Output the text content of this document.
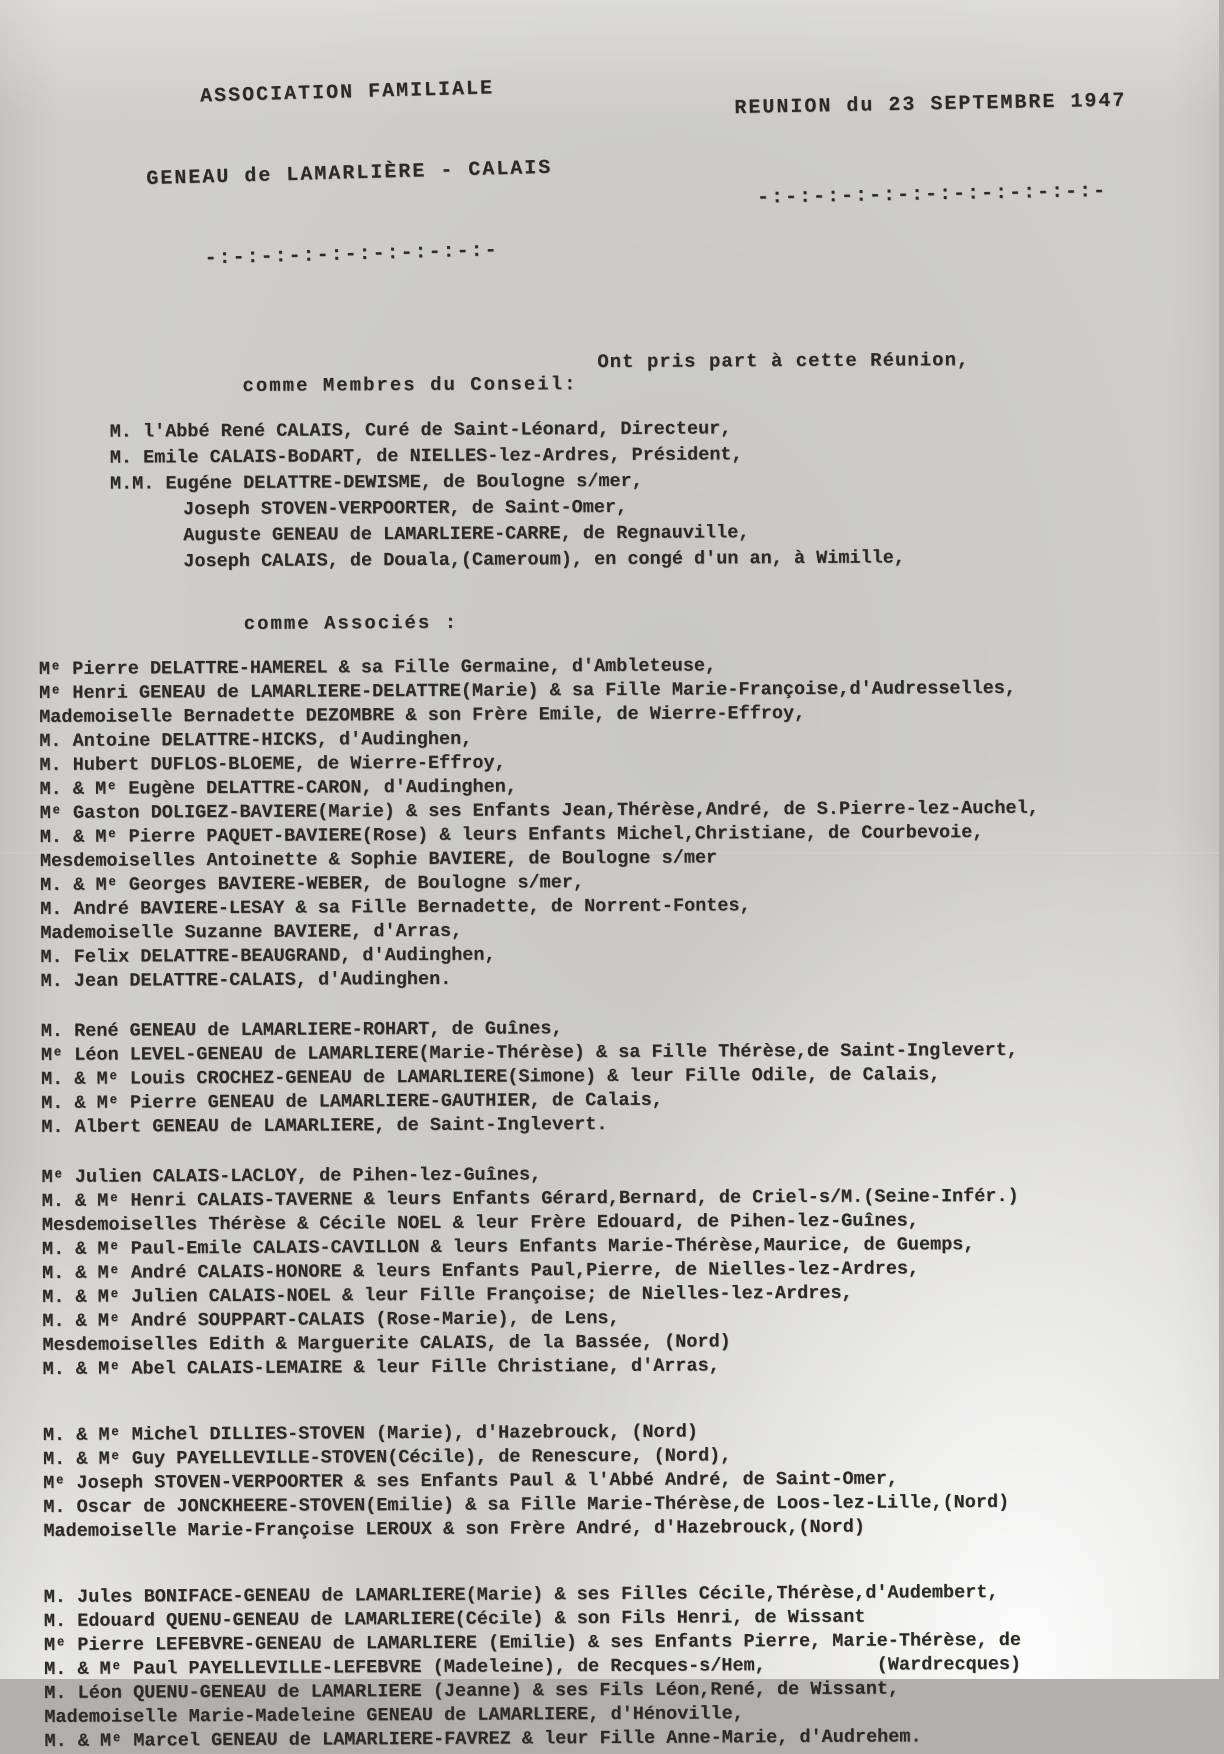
ASSOCIATION FAMILIALE

GENEAU de LAMARLIÈRE - CALAIS

-:-:-:-:-:-:-:-:-:-:-

REUNION du 23 SEPTEMBRE 1947

-:-:-:-:-:-:-:-:-:-:-:-:-

Ont pris part à cette Réunion,
comme Membres du Conseil:
M. l'Abbé René CALAIS, Curé de Saint-Léonard, Directeur,
M. Emile CALAIS-BoDART, de NIELLES-lez-Ardres, Président,
M.M. Eugéne DELATTRE-DEWISME, de Boulogne s/mer,
Joseph STOVEN-VERPOORTER, de Saint-Omer,
Auguste GENEAU de LAMARLIERE-CARRE, de Regnauville,
Joseph CALAIS, de Douala,(Cameroum), en congé d'un an, à Wimille,
comme Associés :
Mᵉ Pierre DELATTRE-HAMEREL & sa Fille Germaine, d'Ambleteuse,
Mᵉ Henri GENEAU de LAMARLIERE-DELATTRE(Marie) & sa Fille Marie-Françoise,d'Audresselles,
Mademoiselle Bernadette DEZOMBRE & son Frère Emile, de Wierre-Effroy,
M. Antoine DELATTRE-HICKS, d'Audinghen,
M. Hubert DUFLOS-BLOEME, de Wierre-Effroy,
M. & Mᵉ Eugène DELATTRE-CARON, d'Audinghen,
Mᵉ Gaston DOLIGEZ-BAVIERE(Marie) & ses Enfants Jean,Thérèse,André, de S.Pierre-lez-Auchel,
M. & Mᵉ Pierre PAQUET-BAVIERE(Rose) & leurs Enfants Michel,Christiane, de Courbevoie,
Mesdemoiselles Antoinette & Sophie BAVIERE, de Boulogne s/mer
M. & Mᵉ Georges BAVIERE-WEBER, de Boulogne s/mer,
M. André BAVIERE-LESAY & sa Fille Bernadette, de Norrent-Fontes,
Mademoiselle Suzanne BAVIERE, d'Arras,
M. Felix DELATTRE-BEAUGRAND, d'Audinghen,
M. Jean DELATTRE-CALAIS, d'Audinghen.
M. René GENEAU de LAMARLIERE-ROHART, de Guînes,
Mᵉ Léon LEVEL-GENEAU de LAMARLIERE(Marie-Thérèse) & sa Fille Thérèse,de Saint-Inglevert,
M. & Mᵉ Louis CROCHEZ-GENEAU de LAMARLIERE(Simone) & leur Fille Odile, de Calais,
M. & Mᵉ Pierre GENEAU de LAMARLIERE-GAUTHIER, de Calais,
M. Albert GENEAU de LAMARLIERE, de Saint-Inglevert.
Mᵉ Julien CALAIS-LACLOY, de Pihen-lez-Guînes,
M. & Mᵉ Henri CALAIS-TAVERNE & leurs Enfants Gérard,Bernard, de Criel-s/M.(Seine-Infér.)
Mesdemoiselles Thérèse & Cécile NOEL & leur Frère Edouard, de Pihen-lez-Guînes,
M. & Mᵉ Paul-Emile CALAIS-CAVILLON & leurs Enfants Marie-Thérèse,Maurice, de Guemps,
M. & Mᵉ André CALAIS-HONORE & leurs Enfants Paul,Pierre, de Nielles-lez-Ardres,
M. & Mᵉ Julien CALAIS-NOEL & leur Fille Françoise; de Nielles-lez-Ardres,
M. & Mᵉ André SOUPPART-CALAIS (Rose-Marie), de Lens,
Mesdemoiselles Edith & Marguerite CALAIS, de la Bassée, (Nord)
M. & Mᵉ Abel CALAIS-LEMAIRE & leur Fille Christiane, d'Arras,
M. & Mᵉ Michel DILLIES-STOVEN (Marie), d'Hazebrouck, (Nord)
M. & Mᵉ Guy PAYELLEVILLE-STOVEN(Cécile), de Renescure, (Nord),
Mᵉ Joseph STOVEN-VERPOORTER & ses Enfants Paul & l'Abbé André, de Saint-Omer,
M. Oscar de JONCKHEERE-STOVEN(Emilie) & sa Fille Marie-Thérèse,de Loos-lez-Lille,(Nord)
Mademoiselle Marie-Françoise LEROUX & son Frère André, d'Hazebrouck,(Nord)
M. Jules BONIFACE-GENEAU de LAMARLIERE(Marie) & ses Filles Cécile,Thérèse,d'Audembert,
M. Edouard QUENU-GENEAU de LAMARLIERE(Cécile) & son Fils Henri, de Wissant
Mᵉ Pierre LEFEBVRE-GENEAU de LAMARLIERE (Emilie) & ses Enfants Pierre, Marie-Thérèse, de
M. & Mᵉ Paul PAYELLEVILLE-LEFEBVRE (Madeleine), de Recques-s/Hem,          (Wardrecques)
M. Léon QUENU-GENEAU de LAMARLIERE (Jeanne) & ses Fils Léon,René, de Wissant,
Mademoiselle Marie-Madeleine GENEAU de LAMARLIERE, d'Hénoville,
M. & Mᵉ Marcel GENEAU de LAMARLIERE-FAVREZ & leur Fille Anne-Marie, d'Audrehem.
